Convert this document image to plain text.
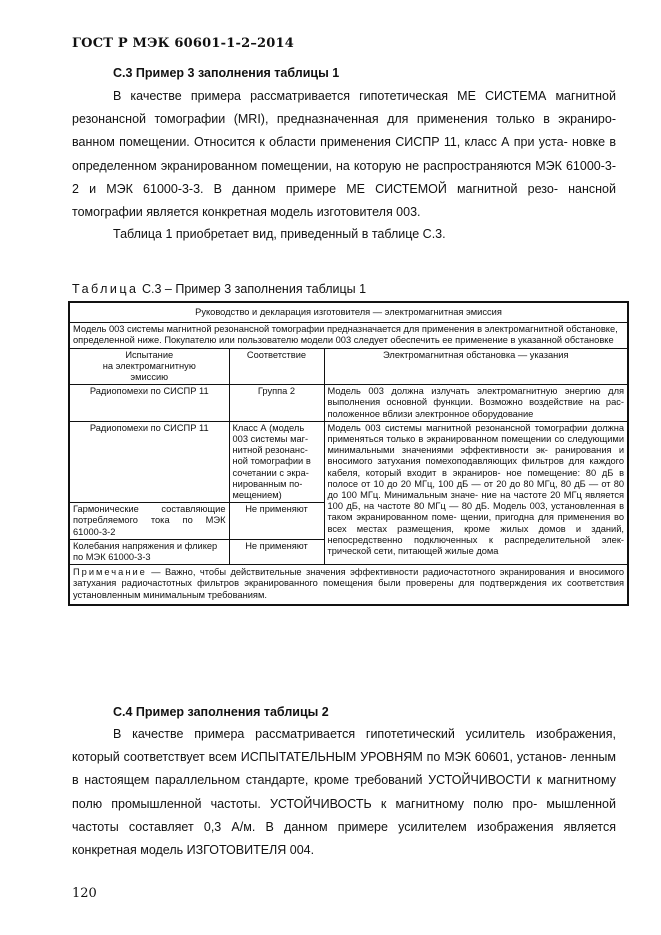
ГОСТ Р МЭК 60601-1-2–2014
С.3 Пример 3 заполнения таблицы 1

В качестве примера рассматривается гипотетическая МЕ СИСТЕМА магнитной резонансной томографии (MRI), предназначенная для применения только в экраниро- ванном помещении. Относится к области применения СИСПР 11, класс А при уста- новке в определенном экранированном помещении, на которую не распространяются МЭК 61000-3-2 и МЭК 61000-3-3. В данном примере МЕ СИСТЕМОЙ магнитной резо- нансной томографии является конкретная модель изготовителя 003.

Таблица 1 приобретает вид, приведенный в таблице С.3.

Таблица С.3 – Пример 3 заполнения таблицы 1
Руководство и декларация изготовителя — электромагнитная эмиссия		
Модель 003 системы магнитной резонансной томографии предназначается для применения в электромагнитной обстановке, определенной ниже. Покупателю или пользователю модели 003 следует обеспечить ее применение в указанной обстановке		
Испытание
на электромагнитную
эмиссию	Соответствие	Электромагнитная обстановка — указания
Радиопомехи по СИСПР 11	Группа 2	Модель 003 должна излучать электромагнитную энергию для выполнения основной функции. Возможно воздействие на рас- положенное вблизи электронное оборудование
Радиопомехи по СИСПР 11	Класс А (модель 003 системы маг- нитной резонанс- ной томографии в сочетании с экра- нированным по- мещением)	Модель 003 системы магнитной резонансной томографии должна применяться только в экранированном помещении со следующими минимальными значениями эффективности эк- ранирования и вносимого затухания помехоподавляющих фильтров для каждого кабеля, который входит в экраниров- ное помещение: 80 дБ в полосе от 10 до 20 МГц, 100 дБ — от 20 до 80 МГц, 80 дБ — от 80 до 100 МГц. Минимальным значе- ние на частоте 20 МГц является 100 дБ, на частоте 80 МГц — 80 дБ. Модель 003, установленная в таком экранированном поме- щении, пригодна для применения во всех местах размещения, кроме жилых домов и зданий, непосредственно подключенных к распределительной элек- трической сети, питающей жилые дома
Гармонические составляющие потребляемого тока по МЭК 61000-3-2	Не применяют	
Колебания напряжения и фликер по МЭК 61000-3-3	Не применяют	
Примечание — Важно, чтобы действительные значения эффективности радиочастотного экранирования и вносимого затухания радиочастотных фильтров экранированного помещения были проверены для подтверждения их соответствия установленным минимальным требованиям.		
С.4 Пример заполнения таблицы 2

В качестве примера рассматривается гипотетический усилитель изображения, который соответствует всем ИСПЫТАТЕЛЬНЫМ УРОВНЯМ по МЭК 60601, установ- ленным в настоящем параллельном стандарте, кроме требований УСТОЙЧИВОСТИ к магнитному полю промышленной частоты. УСТОЙЧИВОСТЬ к магнитному полю про- мышленной частоты составляет 0,3 А/м. В данном примере усилителем изображения является конкретная модель ИЗГОТОВИТЕЛЯ 004.

120
